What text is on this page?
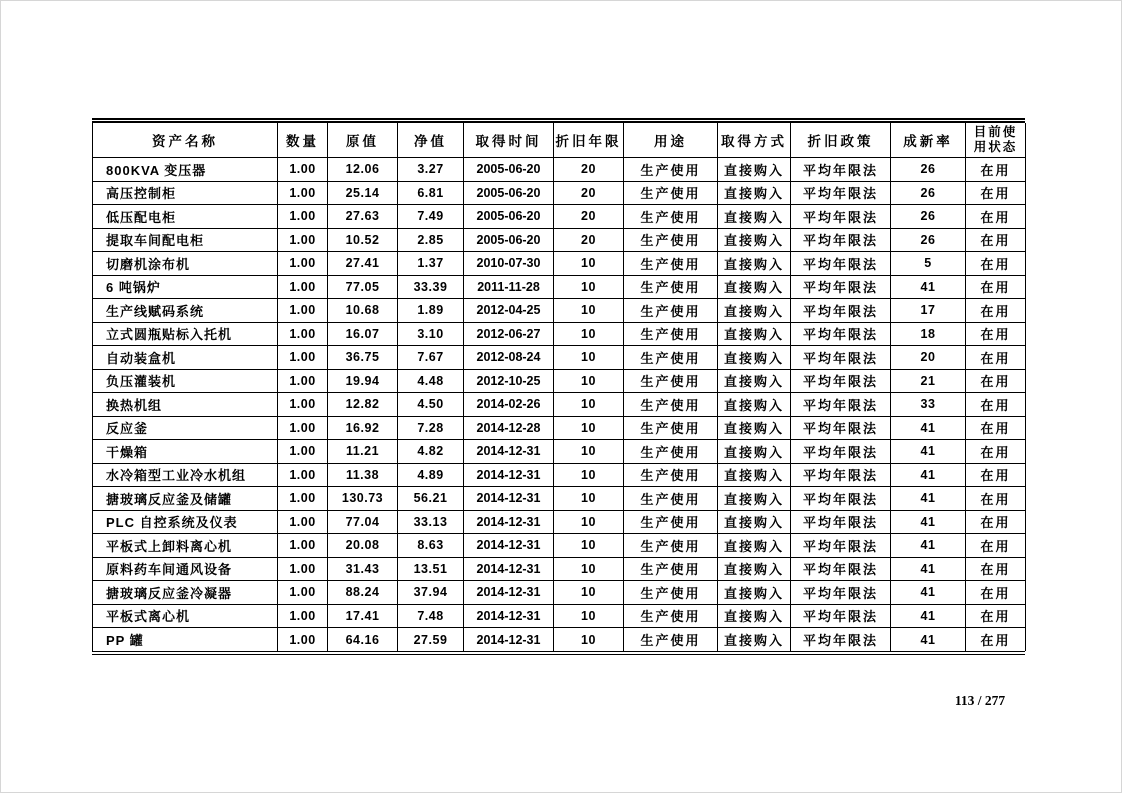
资产名称	数量	原值	净值	取得时间	折旧年限	用途	取得方式	折旧政策	成新率	目前使用状态
800KVA 变压器	1.00	12.06	3.27	2005-06-20	20	生产使用	直接购入	平均年限法	26	在用
高压控制柜	1.00	25.14	6.81	2005-06-20	20	生产使用	直接购入	平均年限法	26	在用
低压配电柜	1.00	27.63	7.49	2005-06-20	20	生产使用	直接购入	平均年限法	26	在用
提取车间配电柜	1.00	10.52	2.85	2005-06-20	20	生产使用	直接购入	平均年限法	26	在用
切磨机涂布机	1.00	27.41	1.37	2010-07-30	10	生产使用	直接购入	平均年限法	5	在用
6 吨锅炉	1.00	77.05	33.39	2011-11-28	10	生产使用	直接购入	平均年限法	41	在用
生产线赋码系统	1.00	10.68	1.89	2012-04-25	10	生产使用	直接购入	平均年限法	17	在用
立式圆瓶贴标入托机	1.00	16.07	3.10	2012-06-27	10	生产使用	直接购入	平均年限法	18	在用
自动装盒机	1.00	36.75	7.67	2012-08-24	10	生产使用	直接购入	平均年限法	20	在用
负压灌装机	1.00	19.94	4.48	2012-10-25	10	生产使用	直接购入	平均年限法	21	在用
换热机组	1.00	12.82	4.50	2014-02-26	10	生产使用	直接购入	平均年限法	33	在用
反应釜	1.00	16.92	7.28	2014-12-28	10	生产使用	直接购入	平均年限法	41	在用
干燥箱	1.00	11.21	4.82	2014-12-31	10	生产使用	直接购入	平均年限法	41	在用
水冷箱型工业冷水机组	1.00	11.38	4.89	2014-12-31	10	生产使用	直接购入	平均年限法	41	在用
搪玻璃反应釜及储罐	1.00	130.73	56.21	2014-12-31	10	生产使用	直接购入	平均年限法	41	在用
PLC 自控系统及仪表	1.00	77.04	33.13	2014-12-31	10	生产使用	直接购入	平均年限法	41	在用
平板式上卸料离心机	1.00	20.08	8.63	2014-12-31	10	生产使用	直接购入	平均年限法	41	在用
原料药车间通风设备	1.00	31.43	13.51	2014-12-31	10	生产使用	直接购入	平均年限法	41	在用
搪玻璃反应釜冷凝器	1.00	88.24	37.94	2014-12-31	10	生产使用	直接购入	平均年限法	41	在用
平板式离心机	1.00	17.41	7.48	2014-12-31	10	生产使用	直接购入	平均年限法	41	在用
PP 罐	1.00	64.16	27.59	2014-12-31	10	生产使用	直接购入	平均年限法	41	在用
113 / 277
